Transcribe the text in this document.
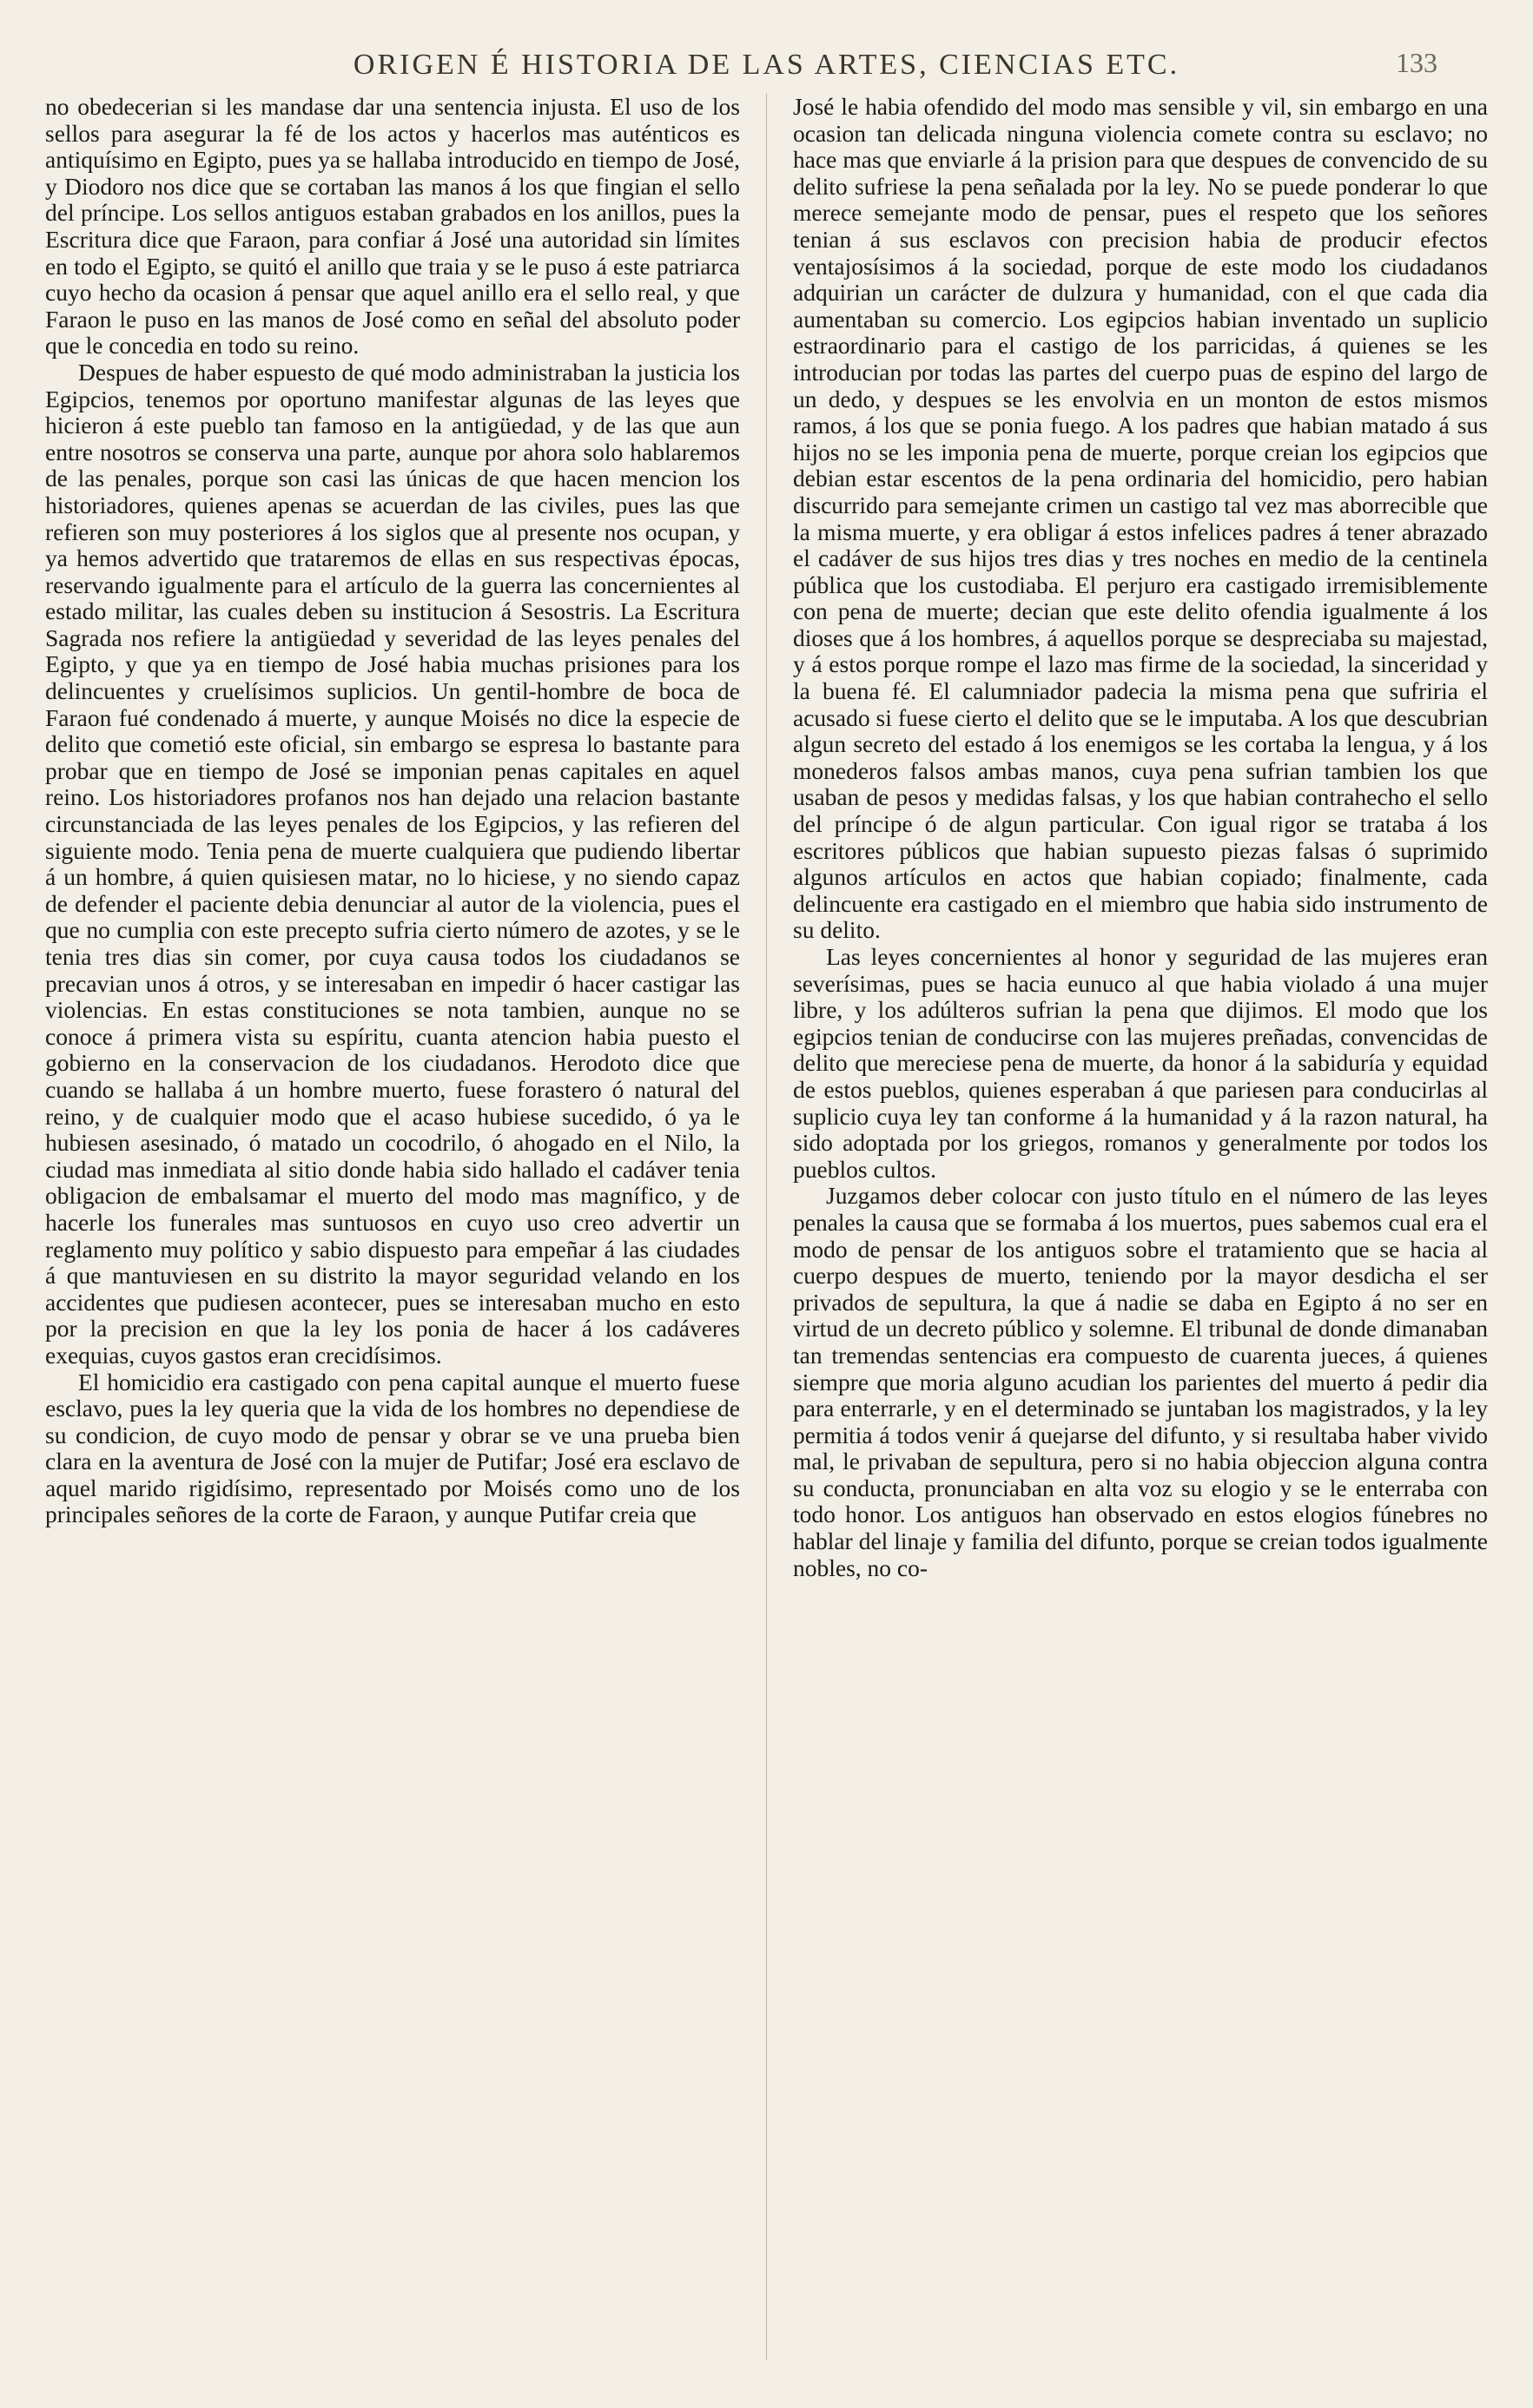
ORIGEN É HISTORIA DE LAS ARTES, CIENCIAS ETC.	133

no obedecerian si les mandase dar una sentencia injusta. El uso de los sellos para asegurar la fé de los actos y hacerlos mas auténticos es antiquísimo en Egipto, pues ya se hallaba introducido en tiempo de José, y Diodoro nos dice que se cortaban las manos á los que fingian el sello del príncipe. Los sellos antiguos estaban grabados en los anillos, pues la Escritura dice que Faraon, para confiar á José una autoridad sin límites en todo el Egipto, se quitó el anillo que traia y se le puso á este patriarca cuyo hecho da ocasion á pensar que aquel anillo era el sello real, y que Faraon le puso en las manos de José como en señal del absoluto poder que le concedia en todo su reino.

Despues de haber espuesto de qué modo administraban la justicia los Egipcios, tenemos por oportuno manifestar algunas de las leyes que hicieron á este pueblo tan famoso en la antigüedad, y de las que aun entre nosotros se conserva una parte, aunque por ahora solo hablaremos de las penales, porque son casi las únicas de que hacen mencion los historiadores, quienes apenas se acuerdan de las civiles, pues las que refieren son muy posteriores á los siglos que al presente nos ocupan, y ya hemos advertido que trataremos de ellas en sus respectivas épocas, reservando igualmente para el artículo de la guerra las concernientes al estado militar, las cuales deben su institucion á Sesostris. La Escritura Sagrada nos refiere la antigüedad y severidad de las leyes penales del Egipto, y que ya en tiempo de José habia muchas prisiones para los delincuentes y cruelísimos suplicios. Un gentil-hombre de boca de Faraon fué condenado á muerte, y aunque Moisés no dice la especie de delito que cometió este oficial, sin embargo se espresa lo bastante para probar que en tiempo de José se imponian penas capitales en aquel reino. Los historiadores profanos nos han dejado una relacion bastante circunstanciada de las leyes penales de los Egipcios, y las refieren del siguiente modo. Tenia pena de muerte cualquiera que pudiendo libertar á un hombre, á quien quisiesen matar, no lo hiciese, y no siendo capaz de defender el paciente debia denunciar al autor de la violencia, pues el que no cumplia con este precepto sufria cierto número de azotes, y se le tenia tres dias sin comer, por cuya causa todos los ciudadanos se precavian unos á otros, y se interesaban en impedir ó hacer castigar las violencias. En estas constituciones se nota tambien, aunque no se conoce á primera vista su espíritu, cuanta atencion habia puesto el gobierno en la conservacion de los ciudadanos. Herodoto dice que cuando se hallaba á un hombre muerto, fuese forastero ó natural del reino, y de cualquier modo que el acaso hubiese sucedido, ó ya le hubiesen asesinado, ó matado un cocodrilo, ó ahogado en el Nilo, la ciudad mas inmediata al sitio donde habia sido hallado el cadáver tenia obligacion de embalsamar el muerto del modo mas magnífico, y de hacerle los funerales mas suntuosos en cuyo uso creo advertir un reglamento muy político y sabio dispuesto para empeñar á las ciudades á que mantuviesen en su distrito la mayor seguridad velando en los accidentes que pudiesen acontecer, pues se interesaban mucho en esto por la precision en que la ley los ponia de hacer á los cadáveres exequias, cuyos gastos eran crecidísimos.

El homicidio era castigado con pena capital aunque el muerto fuese esclavo, pues la ley queria que la vida de los hombres no dependiese de su condicion, de cuyo modo de pensar y obrar se ve una prueba bien clara en la aventura de José con la mujer de Putifar; José era esclavo de aquel marido rigidísimo, representado por Moisés como uno de los principales señores de la corte de Faraon, y aunque Putifar creia que

José le habia ofendido del modo mas sensible y vil, sin embargo en una ocasion tan delicada ninguna violencia comete contra su esclavo; no hace mas que enviarle á la prision para que despues de convencido de su delito sufriese la pena señalada por la ley. No se puede ponderar lo que merece semejante modo de pensar, pues el respeto que los señores tenian á sus esclavos con precision habia de producir efectos ventajosísimos á la sociedad, porque de este modo los ciudadanos adquirian un carácter de dulzura y humanidad, con el que cada dia aumentaban su comercio. Los egipcios habian inventado un suplicio estraordinario para el castigo de los parricidas, á quienes se les introducian por todas las partes del cuerpo puas de espino del largo de un dedo, y despues se les envolvia en un monton de estos mismos ramos, á los que se ponia fuego. A los padres que habian matado á sus hijos no se les imponia pena de muerte, porque creian los egipcios que debian estar escentos de la pena ordinaria del homicidio, pero habian discurrido para semejante crimen un castigo tal vez mas aborrecible que la misma muerte, y era obligar á estos infelices padres á tener abrazado el cadáver de sus hijos tres dias y tres noches en medio de la centinela pública que los custodiaba. El perjuro era castigado irremisiblemente con pena de muerte; decian que este delito ofendia igualmente á los dioses que á los hombres, á aquellos porque se despreciaba su majestad, y á estos porque rompe el lazo mas firme de la sociedad, la sinceridad y la buena fé. El calumniador padecia la misma pena que sufriria el acusado si fuese cierto el delito que se le imputaba. A los que descubrian algun secreto del estado á los enemigos se les cortaba la lengua, y á los monederos falsos ambas manos, cuya pena sufrian tambien los que usaban de pesos y medidas falsas, y los que habian contrahecho el sello del príncipe ó de algun particular. Con igual rigor se trataba á los escritores públicos que habian supuesto piezas falsas ó suprimido algunos artículos en actos que habian copiado; finalmente, cada delincuente era castigado en el miembro que habia sido instrumento de su delito.

Las leyes concernientes al honor y seguridad de las mujeres eran severísimas, pues se hacia eunuco al que habia violado á una mujer libre, y los adúlteros sufrian la pena que dijimos. El modo que los egipcios tenian de conducirse con las mujeres preñadas, convencidas de delito que mereciese pena de muerte, da honor á la sabiduría y equidad de estos pueblos, quienes esperaban á que pariesen para conducirlas al suplicio cuya ley tan conforme á la humanidad y á la razon natural, ha sido adoptada por los griegos, romanos y generalmente por todos los pueblos cultos.

Juzgamos deber colocar con justo título en el número de las leyes penales la causa que se formaba á los muertos, pues sabemos cual era el modo de pensar de los antiguos sobre el tratamiento que se hacia al cuerpo despues de muerto, teniendo por la mayor desdicha el ser privados de sepultura, la que á nadie se daba en Egipto á no ser en virtud de un decreto público y solemne. El tribunal de donde dimanaban tan tremendas sentencias era compuesto de cuarenta jueces, á quienes siempre que moria alguno acudian los parientes del muerto á pedir dia para enterrarle, y en el determinado se juntaban los magistrados, y la ley permitia á todos venir á quejarse del difunto, y si resultaba haber vivido mal, le privaban de sepultura, pero si no habia objeccion alguna contra su conducta, pronunciaban en alta voz su elogio y se le enterraba con todo honor. Los antiguos han observado en estos elogios fúnebres no hablar del linaje y familia del difunto, porque se creian todos igualmente nobles, no co-
